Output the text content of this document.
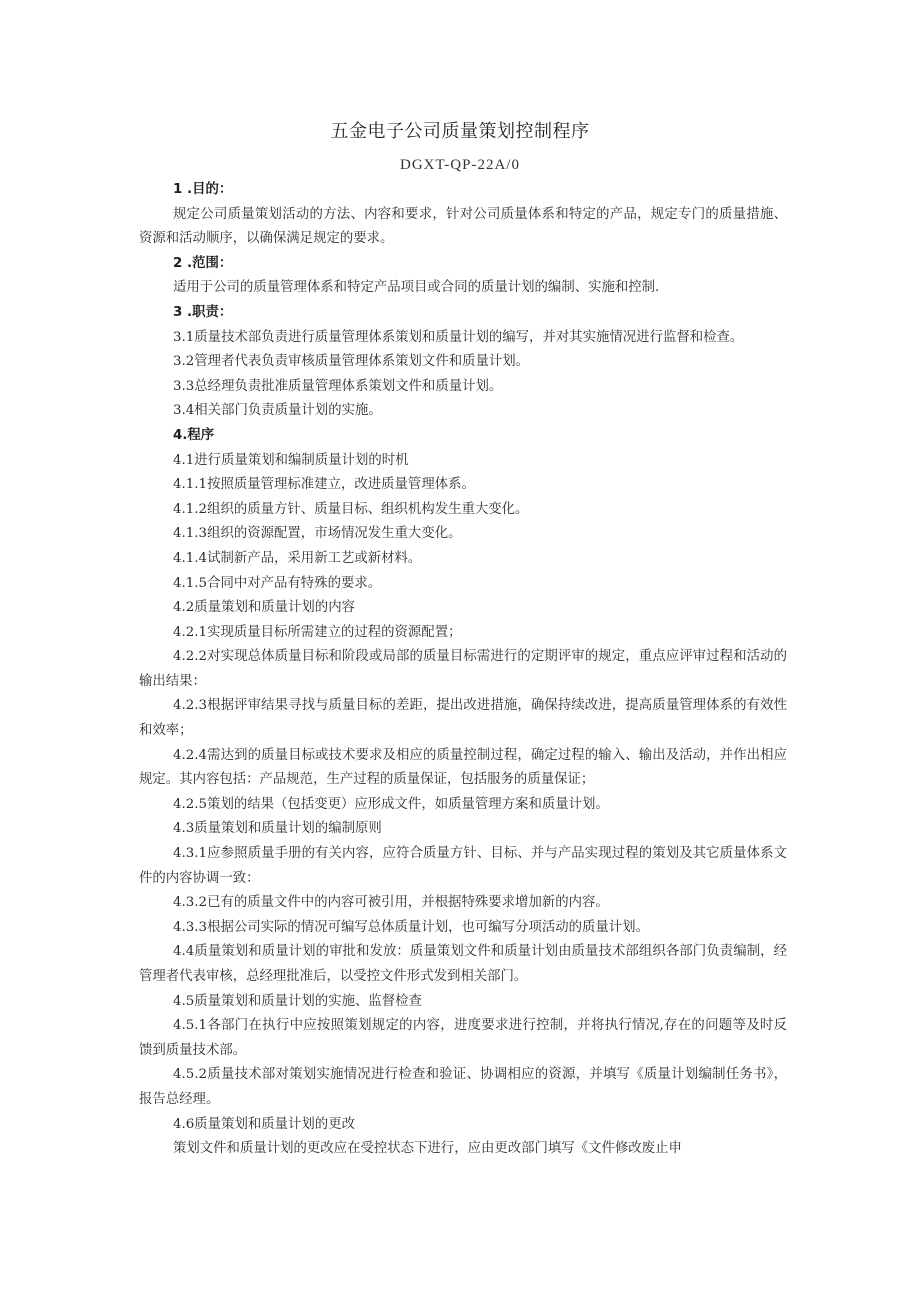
五金电子公司质量策划控制程序
DGXT-QP-22A/0

1 .目的：

规定公司质量策划活动的方法、内容和要求，针对公司质量体系和特定的产品，规定专门的质量措施、资源和活动顺序，以确保满足规定的要求。

2 .范围：

适用于公司的质量管理体系和特定产品项目或合同的质量计划的编制、实施和控制.

3 .职责：

3.1质量技术部负责进行质量管理体系策划和质量计划的编写，并对其实施情况进行监督和检查。

3.2管理者代表负责审核质量管理体系策划文件和质量计划。

3.3总经理负责批准质量管理体系策划文件和质量计划。

3.4相关部门负责质量计划的实施。

4.程序

4.1进行质量策划和编制质量计划的时机

4.1.1按照质量管理标准建立，改进质量管理体系。

4.1.2组织的质量方针、质量目标、组织机构发生重大变化。

4.1.3组织的资源配置，市场情况发生重大变化。

4.1.4试制新产品，采用新工艺或新材料。

4.1.5合同中对产品有特殊的要求。

4.2质量策划和质量计划的内容

4.2.1实现质量目标所需建立的过程的资源配置；

4.2.2对实现总体质量目标和阶段或局部的质量目标需进行的定期评审的规定，重点应评审过程和活动的输出结果：

4.2.3根据评审结果寻找与质量目标的差距，提出改进措施，确保持续改进，提高质量管理体系的有效性和效率；

4.2.4需达到的质量目标或技术要求及相应的质量控制过程，确定过程的输入、输出及活动，并作出相应规定。其内容包括：产品规范，生产过程的质量保证，包括服务的质量保证；

4.2.5策划的结果（包括变更）应形成文件，如质量管理方案和质量计划。

4.3质量策划和质量计划的编制原则

4.3.1应参照质量手册的有关内容，应符合质量方针、目标、并与产品实现过程的策划及其它质量体系文件的内容协调一致：

4.3.2已有的质量文件中的内容可被引用，并根据特殊要求增加新的内容。

4.3.3根据公司实际的情况可编写总体质量计划，也可编写分项活动的质量计划。

4.4质量策划和质量计划的审批和发放：质量策划文件和质量计划由质量技术部组织各部门负责编制，经管理者代表审核，总经理批准后，以受控文件形式发到相关部门。

4.5质量策划和质量计划的实施、监督检查

4.5.1各部门在执行中应按照策划规定的内容，进度要求进行控制，并将执行情况,存在的问题等及时反馈到质量技术部。

4.5.2质量技术部对策划实施情况进行检查和验证、协调相应的资源，并填写《质量计划编制任务书》，报告总经理。

4.6质量策划和质量计划的更改

策划文件和质量计划的更改应在受控状态下进行，应由更改部门填写《文件修改废止申
